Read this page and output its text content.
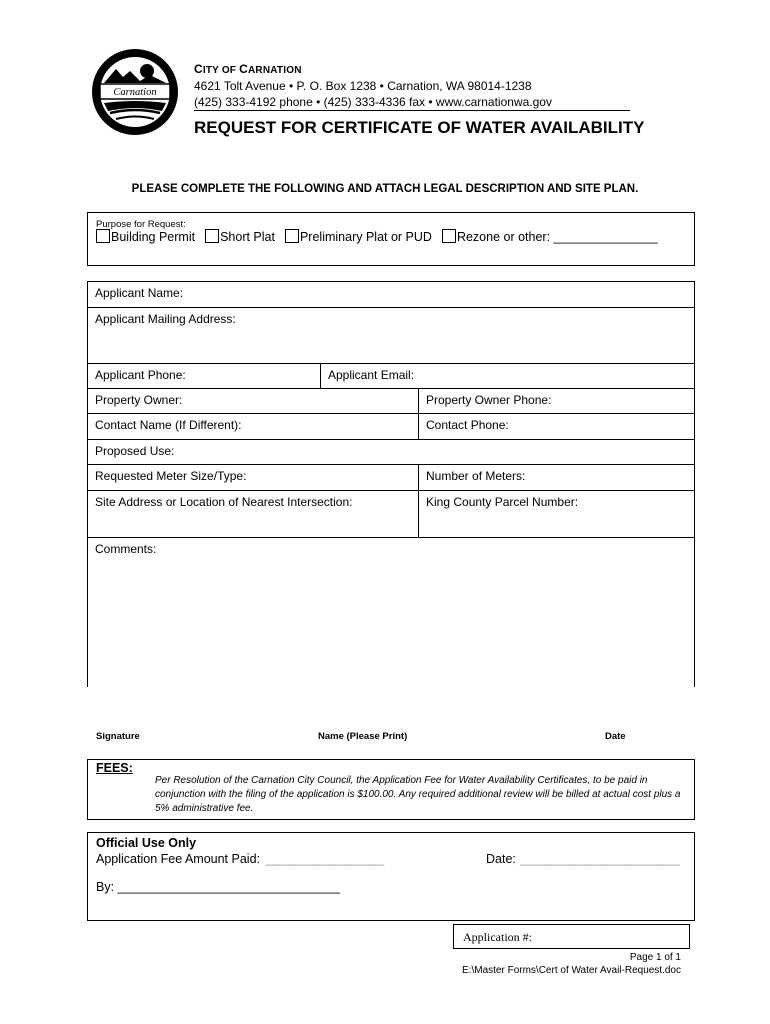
Carnation
CITY OF CARNATION
4621 Tolt Avenue • P. O. Box 1238 • Carnation, WA 98014-1238
(425) 333-4192 phone • (425) 333-4336 fax • www.carnationwa.gov
REQUEST FOR CERTIFICATE OF WATER AVAILABILITY
PLEASE COMPLETE THE FOLLOWING AND ATTACH LEGAL DESCRIPTION AND SITE PLAN.
Purpose for Request:
Building Permit Short Plat Preliminary Plat or PUD Rezone or other: _______________
Applicant Name:
Applicant Mailing Address:
Applicant Phone:	Applicant Email:
Property Owner:	Property Owner Phone:
Contact Name (If Different):	Contact Phone:
Proposed Use:
Requested Meter Size/Type:	Number of Meters:
Site Address or Location of Nearest Intersection:	King County Parcel Number:
Comments:
Signature	Name (Please Print)	Date
FEES:
Per Resolution of the Carnation City Council, the Application Fee for Water Availability Certificates, to be paid in conjunction with the filing of the application is $100.00. Any required additional review will be billed at actual cost plus a 5% administrative fee.
Official Use Only
Application Fee Amount Paid: _________________	Date: _______________________
By: ________________________________
Application #:
Page 1 of 1
E:\Master Forms\Cert of Water Avail-Request.doc
